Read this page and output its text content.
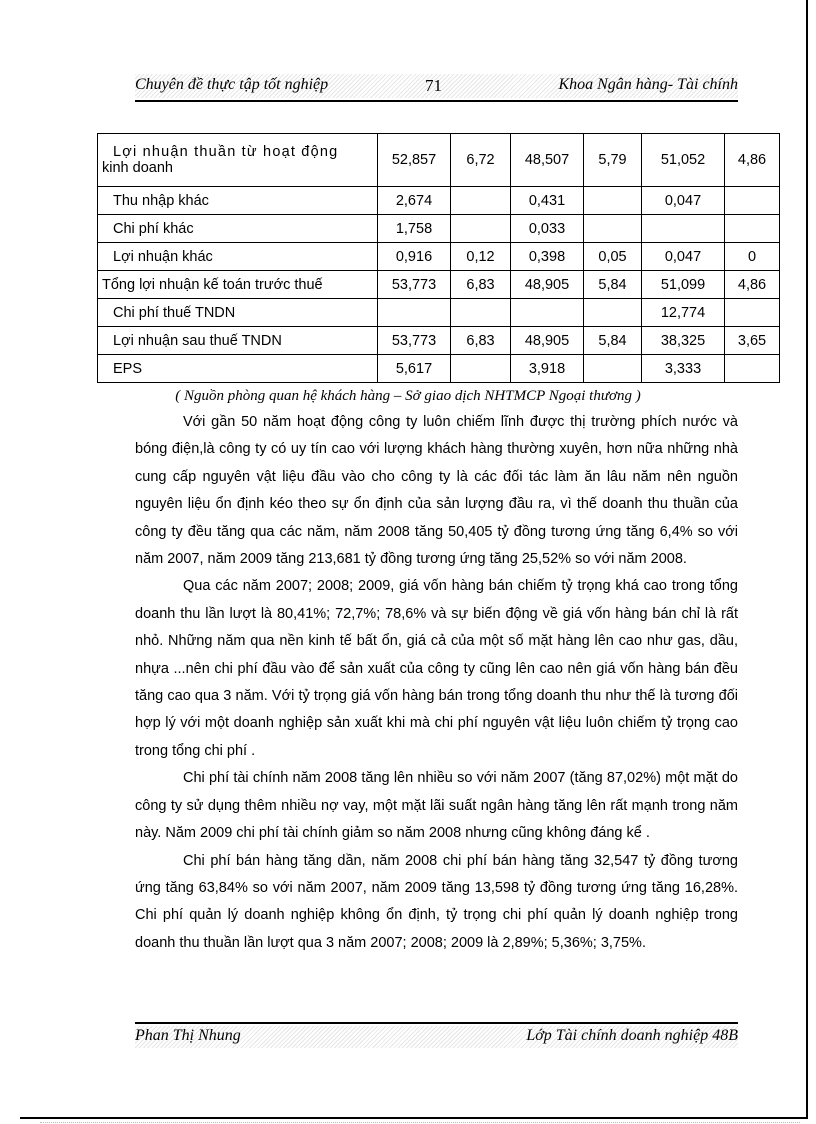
Chuyên đề thực tập tốt nghiệp	71	Khoa Ngân hàng- Tài chính
Lợi nhuận thuần từ hoạt động
kinh doanh	52,857	6,72	48,507	5,79	51,052	4,86
Thu nhập khác	2,674		0,431		0,047	
Chi phí khác	1,758		0,033			
Lợi nhuận khác	0,916	0,12	0,398	0,05	0,047	0
Tổng lợi nhuận kế toán trước thuế	53,773	6,83	48,905	5,84	51,099	4,86
Chi phí thuế TNDN					12,774	
Lợi nhuận sau thuế TNDN	53,773	6,83	48,905	5,84	38,325	3,65
EPS	5,617		3,918		3,333	
( Nguồn phòng quan hệ khách hàng – Sở giao dịch NHTMCP Ngoại thương )

Với gần 50 năm hoạt động công ty luôn chiếm lĩnh được thị trường phích nước và bóng điện,là công ty có uy tín cao với lượng khách hàng thường xuyên, hơn nữa những nhà cung cấp nguyên vật liệu đầu vào cho công ty là các đối tác làm ăn lâu năm nên nguồn nguyên liệu ổn định kéo theo sự ổn định của sản lượng đầu ra, vì thế doanh thu thuần của công ty đều tăng qua các năm, năm 2008 tăng 50,405 tỷ đồng tương ứng tăng 6,4% so với năm 2007, năm 2009 tăng 213,681 tỷ đồng tương ứng tăng 25,52% so với năm 2008.

Qua các năm 2007; 2008; 2009, giá vốn hàng bán chiếm tỷ trọng khá cao trong tổng doanh thu lần lượt là 80,41%; 72,7%; 78,6% và sự biến động về giá vốn hàng bán chỉ là rất nhỏ. Những năm qua nền kinh tế bất ổn, giá cả của một số mặt hàng lên cao như gas, dầu, nhựa ...nên chi phí đầu vào để sản xuất của công ty cũng lên cao nên giá vốn hàng bán đều tăng cao qua 3 năm. Với tỷ trọng giá vốn hàng bán trong tổng doanh thu như thế là tương đối hợp lý với một doanh nghiệp sản xuất khi mà chi phí nguyên vật liệu luôn chiếm tỷ trọng cao trong tổng chi phí .

Chi phí tài chính năm 2008 tăng lên nhiều so với năm 2007 (tăng 87,02%) một mặt do công ty sử dụng thêm nhiều nợ vay, một mặt lãi suất ngân hàng tăng lên rất mạnh trong năm này. Năm 2009 chi phí tài chính giảm so năm 2008 nhưng cũng không đáng kể .

Chi phí bán hàng tăng dần, năm 2008 chi phí bán hàng tăng 32,547 tỷ đồng tương ứng tăng 63,84% so với năm 2007, năm 2009 tăng 13,598 tỷ đồng tương ứng tăng 16,28%. Chi phí quản lý doanh nghiệp không ổn định, tỷ trọng chi phí quản lý doanh nghiệp trong doanh thu thuần lần lượt qua 3 năm 2007; 2008; 2009 là 2,89%; 5,36%; 3,75%.

Phan Thị Nhung	Lớp Tài chính doanh nghiệp 48B
